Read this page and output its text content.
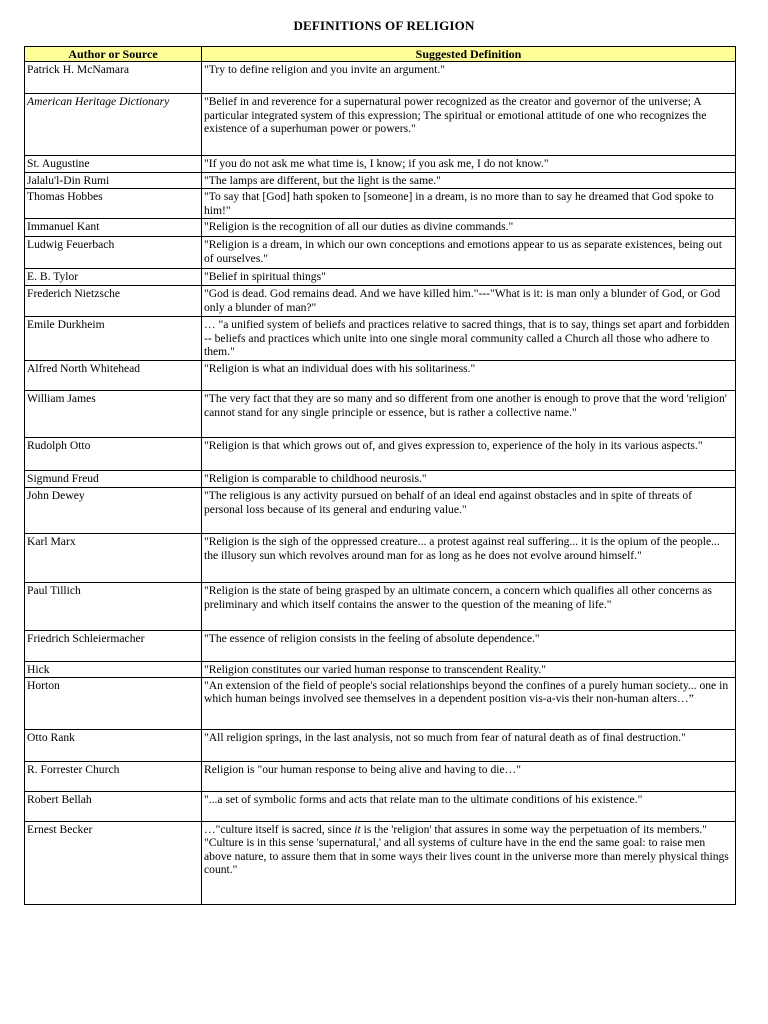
DEFINITIONS OF RELIGION
Author or Source	Suggested Definition
Patrick H. McNamara	"Try to define religion and you invite an argument."
American Heritage Dictionary	"Belief in and reverence for a supernatural power recognized as the creator and governor of the universe; A particular integrated system of this expression; The spiritual or emotional attitude of one who recognizes the existence of a superhuman power or powers."
St. Augustine	"If you do not ask me what time is, I know; if you ask me, I do not know."
Jalalu'l-Din Rumi	"The lamps are different, but the light is the same."
Thomas Hobbes	"To say that [God] hath spoken to [someone] in a dream, is no more than to say he dreamed that God spoke to him!"
Immanuel Kant	"Religion is the recognition of all our duties as divine commands."
Ludwig Feuerbach	"Religion is a dream, in which our own conceptions and emotions appear to us as separate existences, being out of ourselves."
E. B. Tylor	"Belief in spiritual things"
Frederich Nietzsche	"God is dead. God remains dead. And we have killed him."---"What is it: is man only a blunder of God, or God only a blunder of man?"
Emile Durkheim	… "a unified system of beliefs and practices relative to sacred things, that is to say, things set apart and forbidden -- beliefs and practices which unite into one single moral community called a Church all those who adhere to them."
Alfred North Whitehead	"Religion is what an individual does with his solitariness."
William James	"The very fact that they are so many and so different from one another is enough to prove that the word 'religion' cannot stand for any single principle or essence, but is rather a collective name."
Rudolph Otto	"Religion is that which grows out of, and gives expression to, experience of the holy in its various aspects."
Sigmund Freud	"Religion is comparable to childhood neurosis."
John Dewey	"The religious is any activity pursued on behalf of an ideal end against obstacles and in spite of threats of personal loss because of its general and enduring value."
Karl Marx	"Religion is the sigh of the oppressed creature... a protest against real suffering... it is the opium of the people... the illusory sun which revolves around man for as long as he does not evolve around himself."
Paul Tillich	"Religion is the state of being grasped by an ultimate concern, a concern which qualifies all other concerns as preliminary and which itself contains the answer to the question of the meaning of life."
Friedrich Schleiermacher	"The essence of religion consists in the feeling of absolute dependence."
Hick	"Religion constitutes our varied human response to transcendent Reality."
Horton	"An extension of the field of people's social relationships beyond the confines of a purely human society... one in which human beings involved see themselves in a dependent position vis-a-vis their non-human alters…”
Otto Rank	"All religion springs, in the last analysis, not so much from fear of natural death as of final destruction."
R. Forrester Church	Religion is "our human response to being alive and having to die…"
Robert Bellah	"...a set of symbolic forms and acts that relate man to the ultimate conditions of his existence."
Ernest Becker	…"culture itself is sacred, since it is the 'religion' that assures in some way the perpetuation of its members." "Culture is in this sense 'supernatural,' and all systems of culture have in the end the same goal: to raise men above nature, to assure them that in some ways their lives count in the universe more than merely physical things count."
